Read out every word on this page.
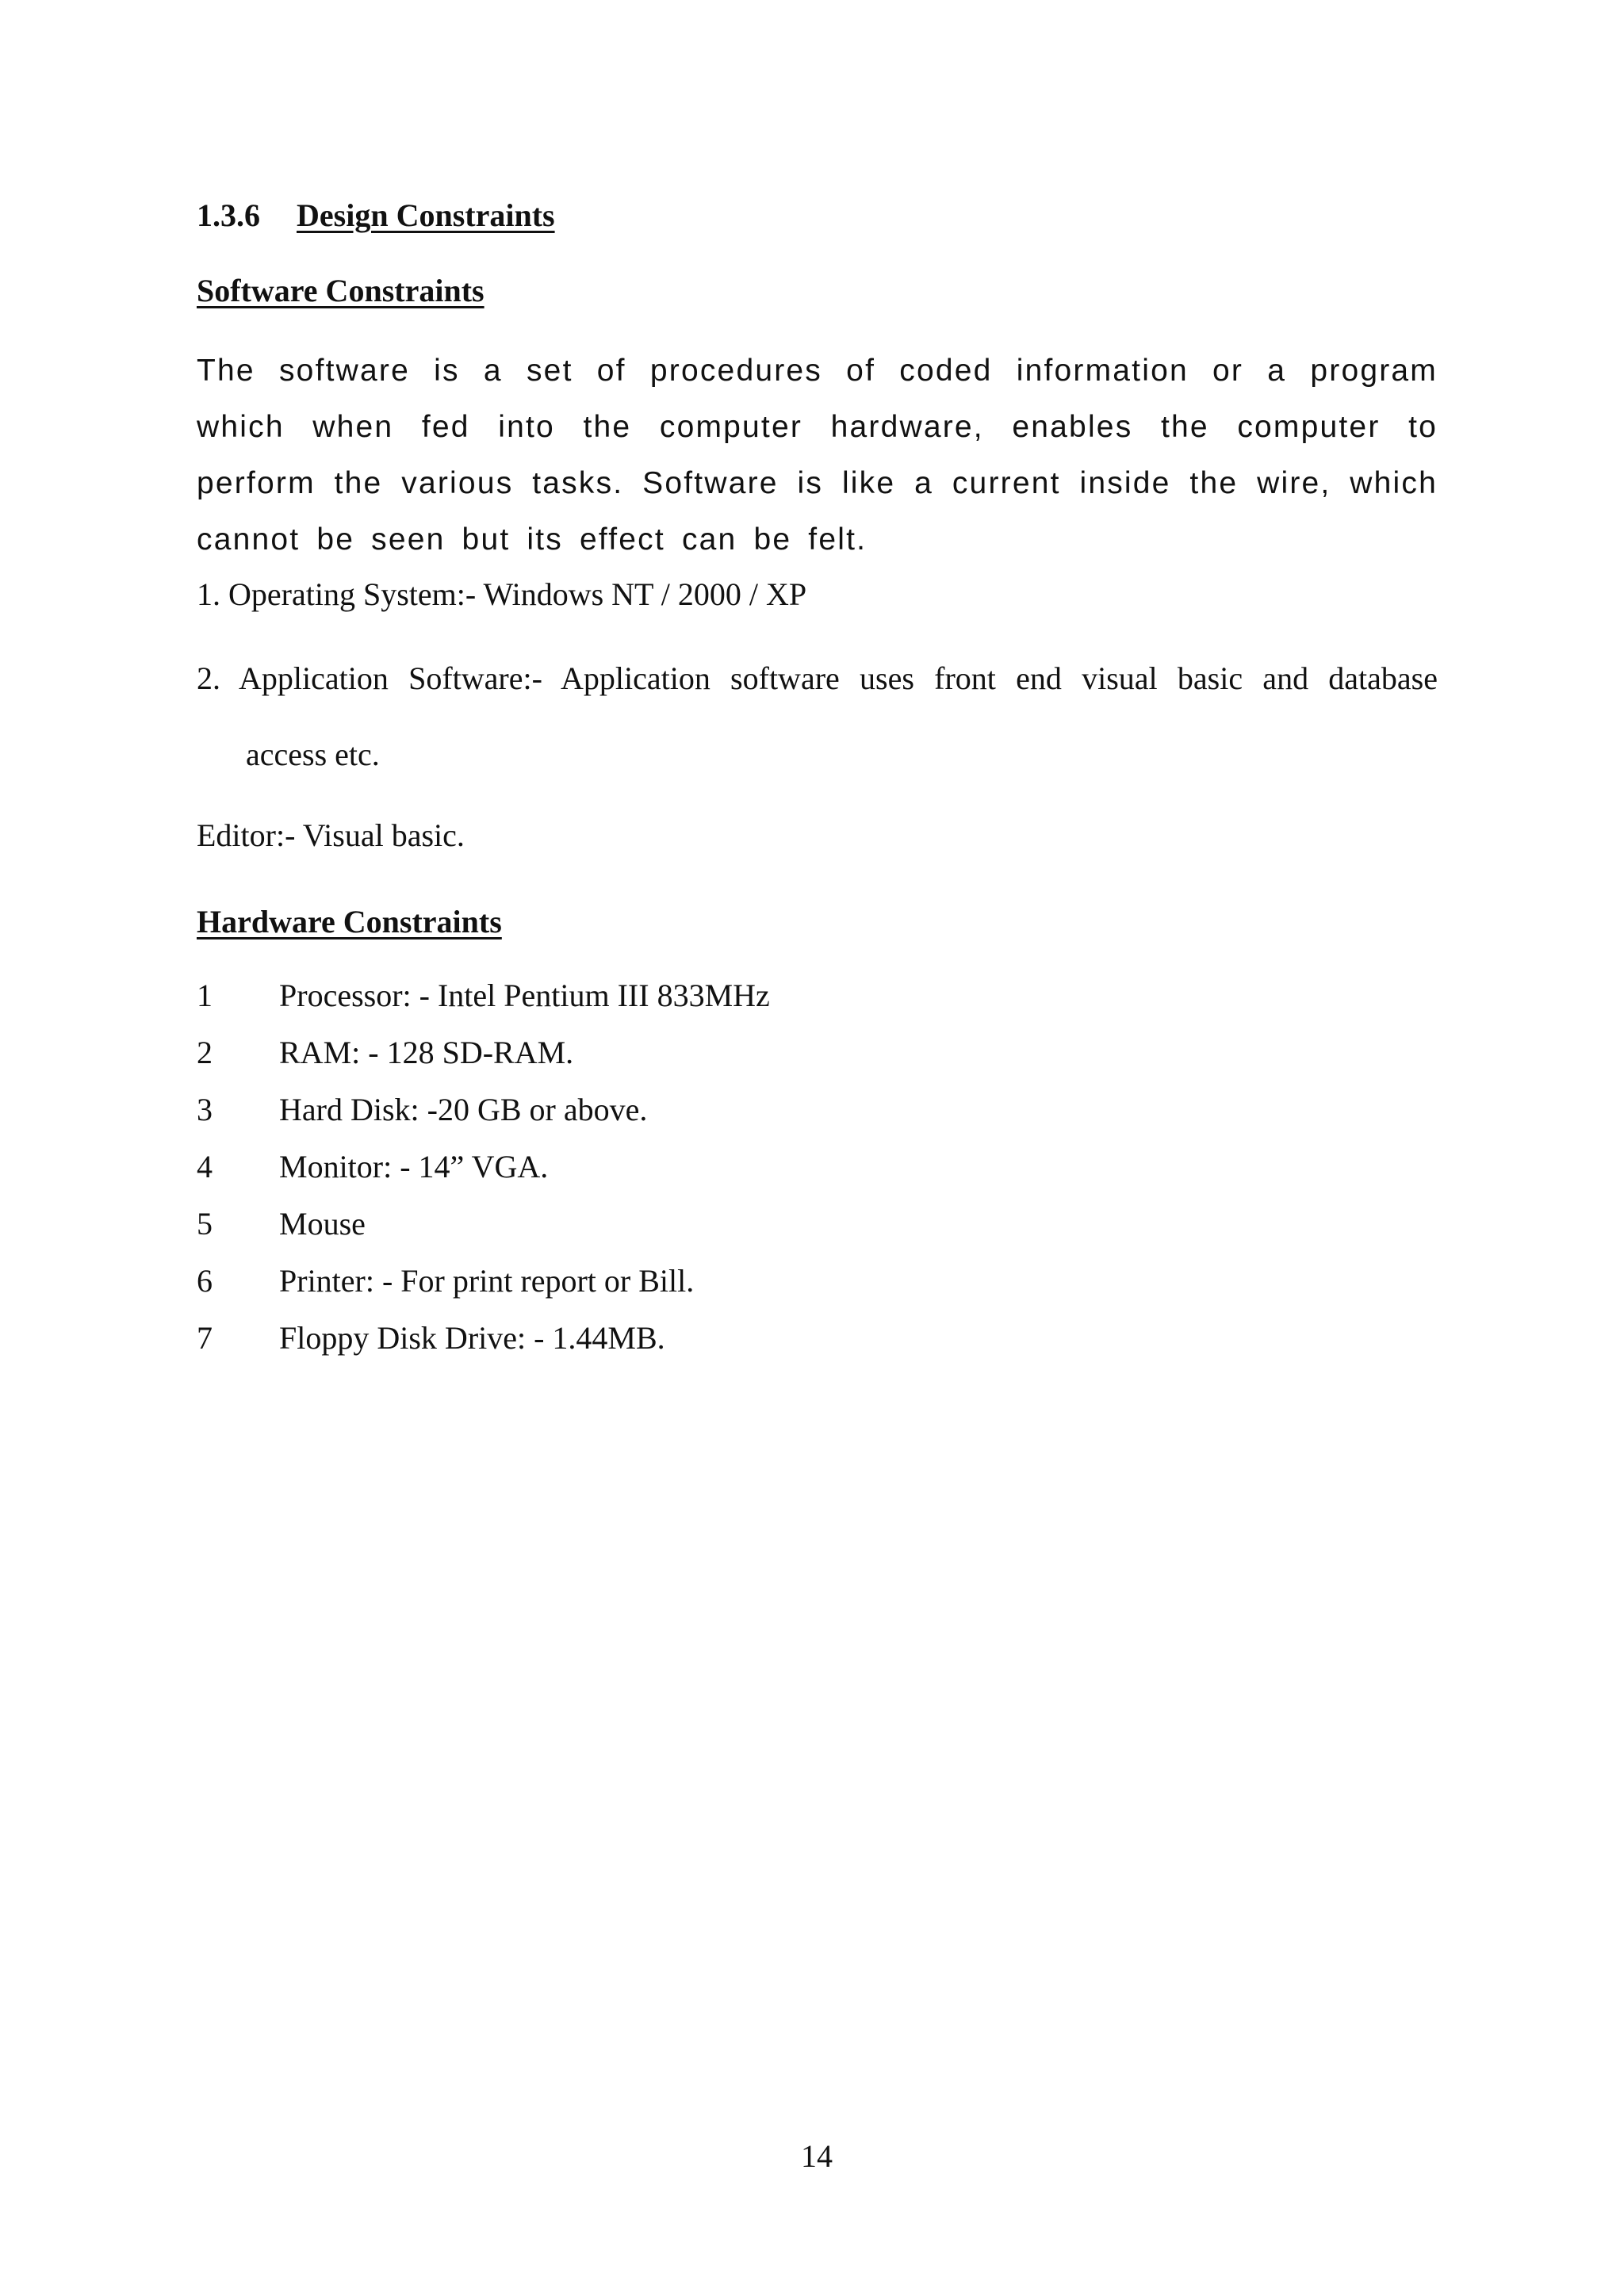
1.3.6 Design Constraints
Software Constraints
The software is a set of procedures of coded information or a program which when fed into the computer hardware, enables the computer to perform the various tasks. Software is like a current inside the wire, which cannot be seen but its effect can be felt.
1. Operating System:- Windows NT / 2000 / XP
2. Application Software:- Application software uses front end visual basic and database
access etc.
Editor:- Visual basic.
Hardware Constraints
1 Processor: - Intel Pentium III 833MHz
2 RAM: - 128 SD-RAM.
3 Hard Disk: -20 GB or above.
4 Monitor: - 14” VGA.
5 Mouse
6 Printer: - For print report or Bill.
7 Floppy Disk Drive: - 1.44MB.
14
